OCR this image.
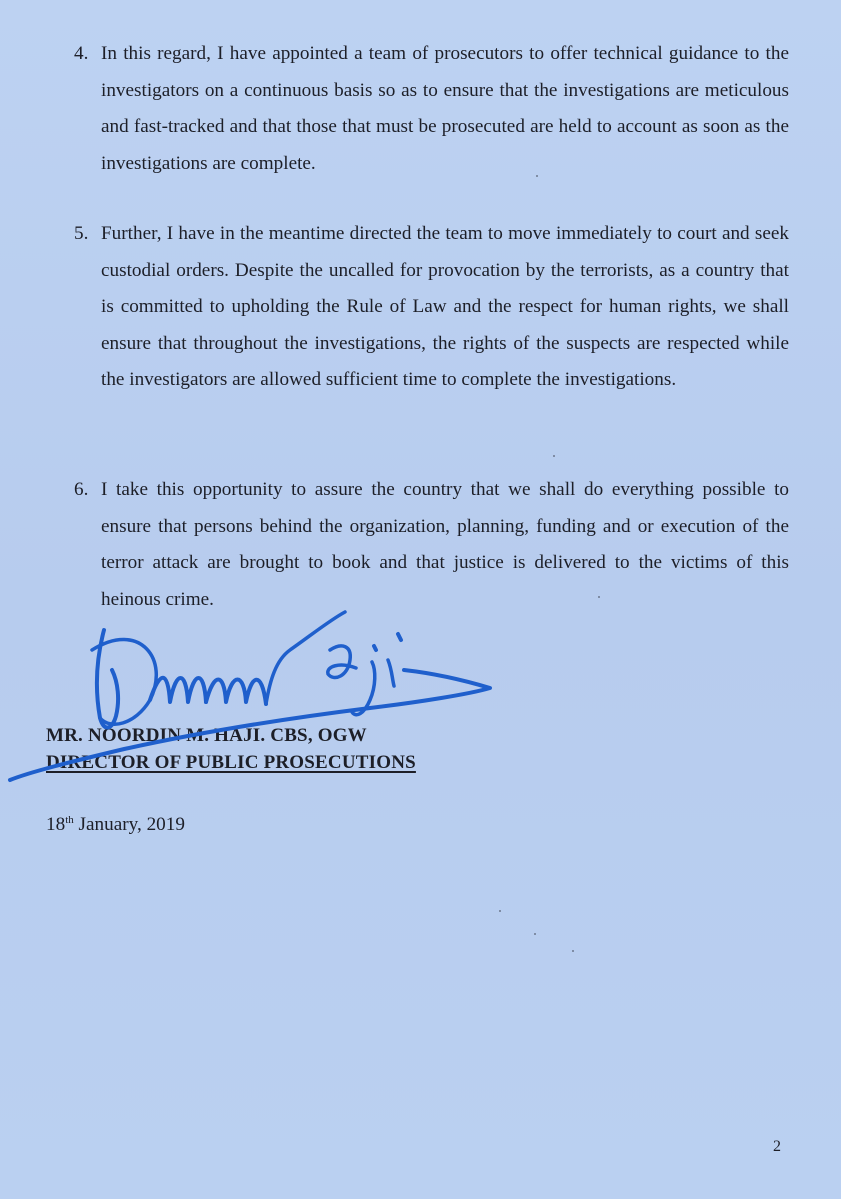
4. In this regard, I have appointed a team of prosecutors to offer technical guidance to the investigators on a continuous basis so as to ensure that the investigations are meticulous and fast-tracked and that those that must be prosecuted are held to account as soon as the investigations are complete.
5. Further, I have in the meantime directed the team to move immediately to court and seek custodial orders. Despite the uncalled for provocation by the terrorists, as a country that is committed to upholding the Rule of Law and the respect for human rights, we shall ensure that throughout the investigations, the rights of the suspects are respected while the investigators are allowed sufficient time to complete the investigations.
6. I take this opportunity to assure the country that we shall do everything possible to ensure that persons behind the organization, planning, funding and or execution of the terror attack are brought to book and that justice is delivered to the victims of this heinous crime.
MR. NOORDIN M. HAJI. CBS, OGW
DIRECTOR OF PUBLIC PROSECUTIONS
18th January, 2019
2
